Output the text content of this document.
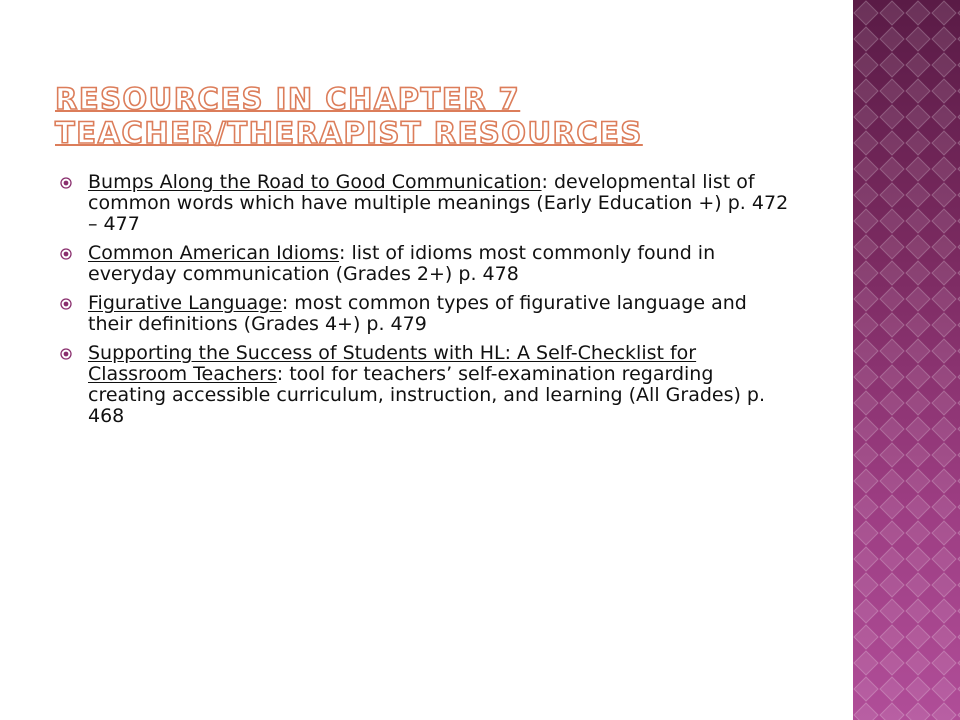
RESOURCES IN CHAPTER 7
TEACHER/THERAPIST RESOURCES
Bumps Along the Road to Good Communication: developmental list of common words which have multiple meanings (Early Education +) p. 472 – 477
Common American Idioms: list of idioms most commonly found in everyday communication (Grades 2+) p. 478
Figurative Language: most common types of figurative language and their definitions (Grades 4+) p. 479
Supporting the Success of Students with HL: A Self-Checklist for Classroom Teachers: tool for teachers’ self-examination regarding creating accessible curriculum, instruction, and learning (All Grades) p. 468
